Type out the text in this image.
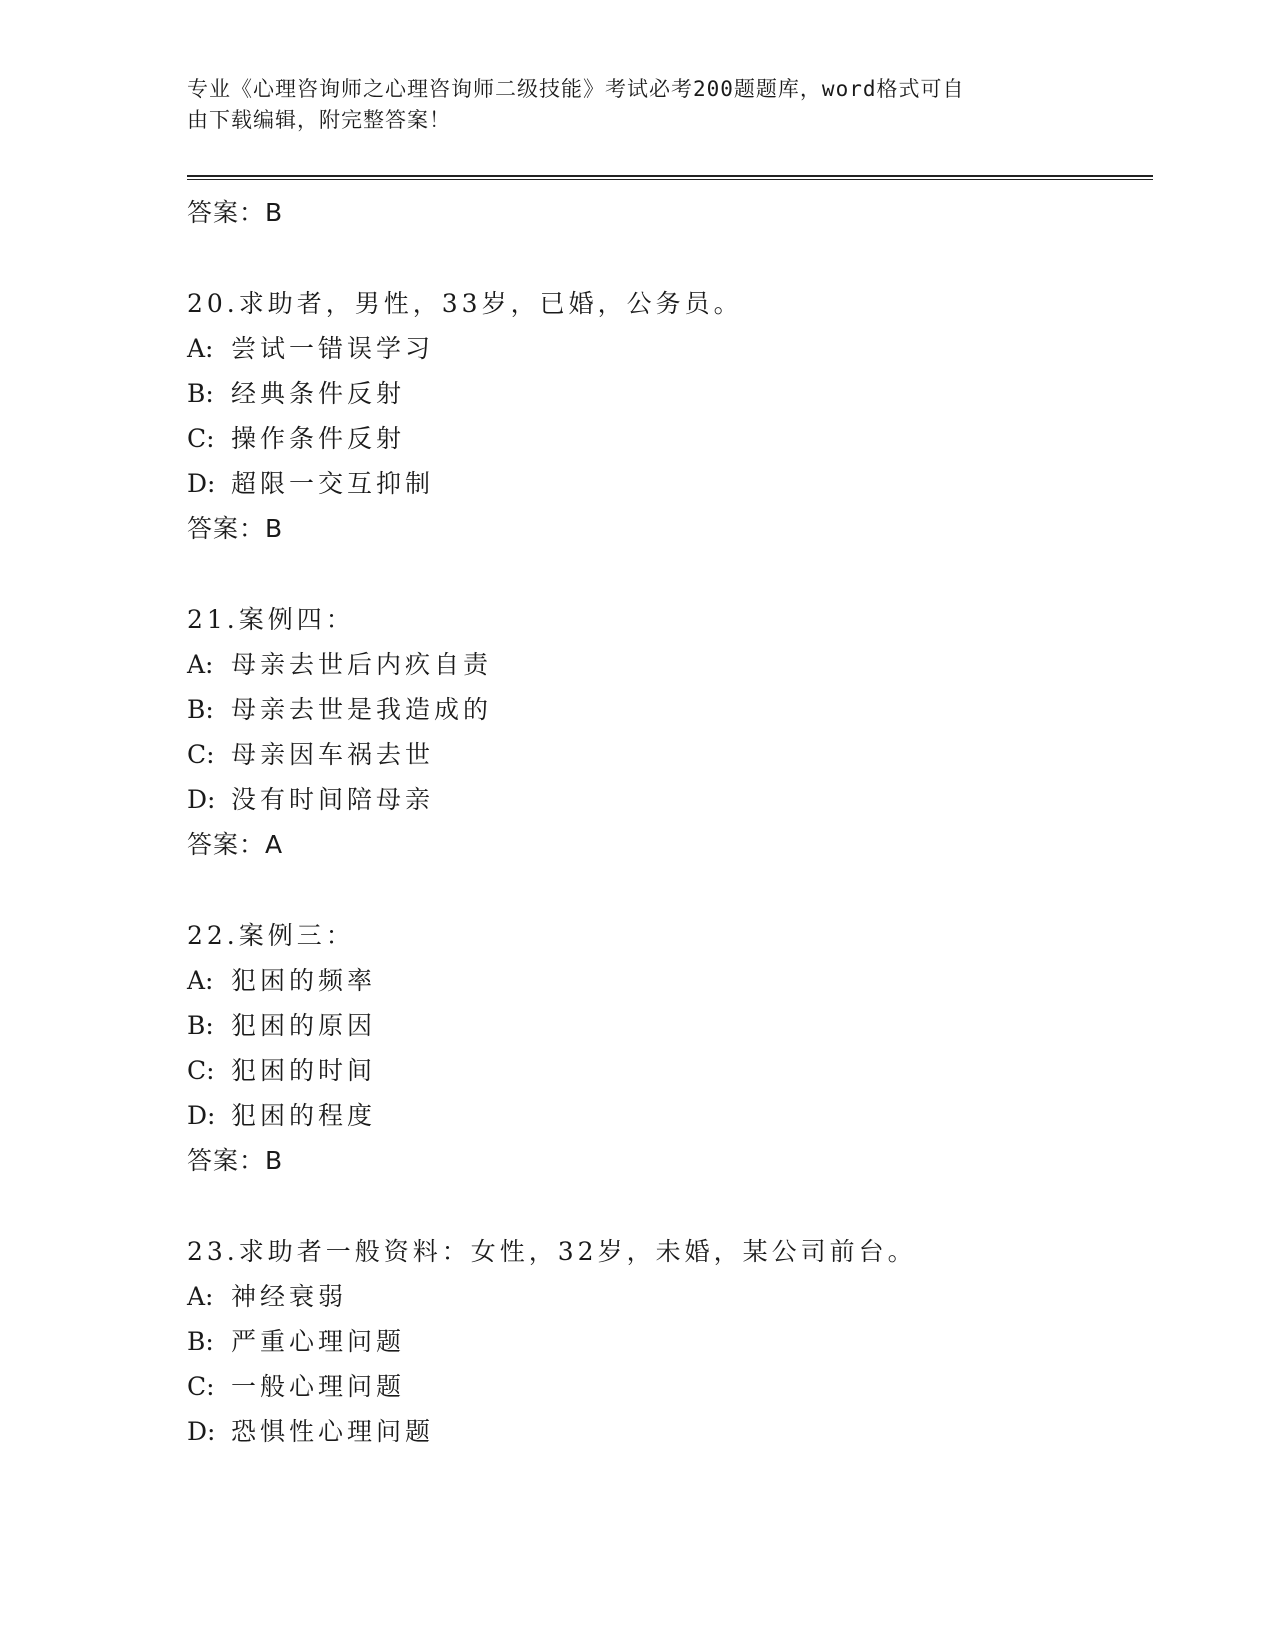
专业《心理咨询师之心理咨询师二级技能》考试必考200题题库，word格式可自
由下载编辑，附完整答案！
答案：B
20.求助者，男性，33岁，已婚，公务员。
A: 尝试一错误学习
B: 经典条件反射
C: 操作条件反射
D: 超限一交互抑制
答案：B
21.案例四：
A: 母亲去世后内疚自责
B: 母亲去世是我造成的
C: 母亲因车祸去世
D: 没有时间陪母亲
答案：A
22.案例三：
A: 犯困的频率
B: 犯困的原因
C: 犯困的时间
D: 犯困的程度
答案：B
23.求助者一般资料：女性，32岁，未婚，某公司前台。
A: 神经衰弱
B: 严重心理问题
C: 一般心理问题
D: 恐惧性心理问题
